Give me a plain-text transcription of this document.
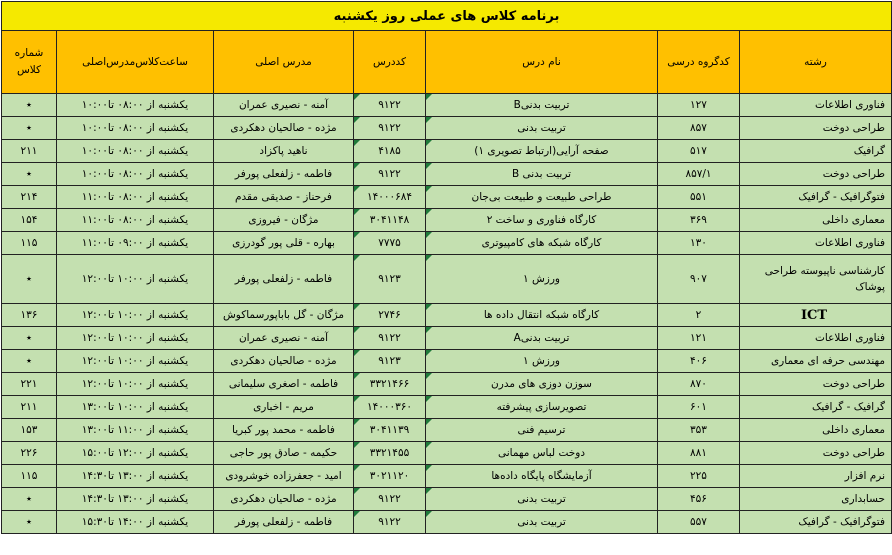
برنامه کلاس های عملی روز یکشنبه						
رشته	کدگروه درسی	نام درس	کددرس	مدرس اصلی	ساعت‌کلاس‌مدرس‌اصلی	شماره کلاس
فناوری اطلاعات	۱۲۷	تربیت بدنیB	۹۱۲۲	آمنه - نصیری عمران	یکشنبه از ۰۸:۰۰ تا۱۰:۰۰	٭
طراحی دوخت	۸۵۷	تربیت بدنی	۹۱۲۲	مژده - صالحیان دهکردی	یکشنبه از ۰۸:۰۰ تا۱۰:۰۰	٭
گرافیک	۵۱۷	صفحه آرایی(ارتباط تصویری ۱)	۴۱۸۵	ناهید پاکزاد	یکشنبه از ۰۸:۰۰ تا۱۰:۰۰	۲۱۱
طراحی دوخت	۸۵۷/۱	تربیت بدنی B	۹۱۲۲	فاطمه - زلفعلی پورفر	یکشنبه از ۰۸:۰۰ تا۱۰:۰۰	٭
فتوگرافیک - گرافیک	۵۵۱	طراحی طبیعت و طبیعت بی‌جان	۱۴۰۰۰۶۸۴	فرحناز - صدیقی مقدم	یکشنبه از ۰۸:۰۰ تا۱۱:۰۰	۲۱۴
معماری داخلی	۳۶۹	کارگاه فناوری و ساخت ۲	۳۰۴۱۱۴۸	مژگان - فیروزی	یکشنبه از ۰۸:۰۰ تا۱۱:۰۰	۱۵۴
فناوری اطلاعات	۱۳۰	کارگاه شبکه های کامپیوتری	۷۷۷۵	بهاره - قلی پور گودرزی	یکشنبه از ۰۹:۰۰ تا۱۱:۰۰	۱۱۵
کارشناسی ناپیوسته طراحی پوشاک	۹۰۷	ورزش ۱	۹۱۲۳	فاطمه - زلفعلی پورفر	یکشنبه از ۱۰:۰۰ تا۱۲:۰۰	٭
ICT	۲	کارگاه شبکه انتقال داده ها	۲۷۴۶	مژگان - گل باباپورسماکوش	یکشنبه از ۱۰:۰۰ تا۱۲:۰۰	۱۳۶
فناوری اطلاعات	۱۲۱	تربیت بدنیA	۹۱۲۲	آمنه - نصیری عمران	یکشنبه از ۱۰:۰۰ تا۱۲:۰۰	٭
مهندسی حرفه ای معماری	۴۰۶	ورزش ۱	۹۱۲۳	مژده - صالحیان دهکردی	یکشنبه از ۱۰:۰۰ تا۱۲:۰۰	٭
طراحی دوخت	۸۷۰	سوزن دوزی های مدرن	۳۳۲۱۴۶۶	فاطمه - اصغری سلیمانی	یکشنبه از ۱۰:۰۰ تا۱۲:۰۰	۲۲۱
گرافیک - گرافیک	۶۰۱	تصویرسازی پیشرفته	۱۴۰۰۰۳۶۰	مریم - اخباری	یکشنبه از ۱۰:۰۰ تا۱۳:۰۰	۲۱۱
معماری داخلی	۳۵۳	ترسیم فنی	۳۰۴۱۱۳۹	فاطمه - محمد پور کبریا	یکشنبه از ۱۱:۰۰ تا۱۳:۰۰	۱۵۳
طراحی دوخت	۸۸۱	دوخت لباس مهمانی	۳۳۲۱۴۵۵	حکیمه - صادق پور حاجی	یکشنبه از ۱۲:۰۰ تا۱۵:۰۰	۲۲۶
نرم افزار	۲۲۵	آزمایشگاه پایگاه داده‌ها	۳۰۲۱۱۲۰	امید - جعفرزاده خوشرودی	یکشنبه از ۱۳:۰۰ تا۱۴:۳۰	۱۱۵
حسابداری	۴۵۶	تربیت بدنی	۹۱۲۲	مژده - صالحیان دهکردی	یکشنبه از ۱۳:۰۰ تا۱۴:۳۰	٭
فتوگرافیک - گرافیک	۵۵۷	تربیت بدنی	۹۱۲۲	فاطمه - زلفعلی پورفر	یکشنبه از ۱۴:۰۰ تا۱۵:۳۰	٭
